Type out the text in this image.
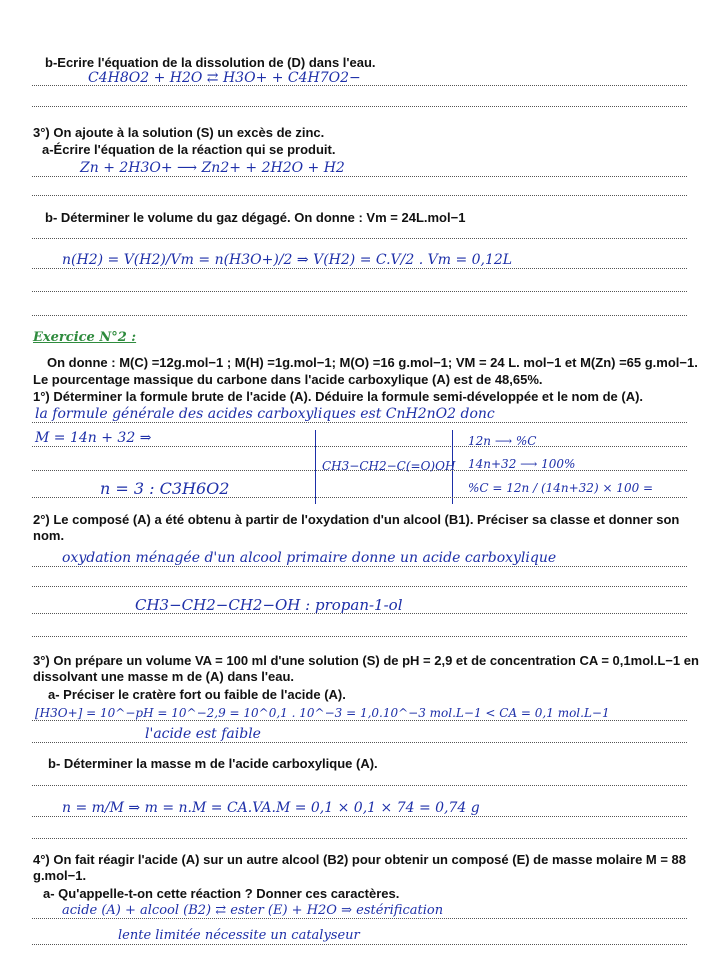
b-Ecrire l'équation de la dissolution de (D) dans l'eau.
C4H8O2 + H2O ⇄ H3O+ + C4H7O2−
3°) On ajoute à la solution (S) un excès de zinc.
a-Écrire l'équation de la réaction qui se produit.
Zn + 2H3O+ ⟶ Zn2+ + 2H2O + H2
b- Déterminer le volume du gaz dégagé. On donne : Vm = 24L.mol−1
n(H2) = V(H2)/Vm = n(H3O+)/2 ⇒ V(H2) = C.V/2 . Vm = 0,12L
Exercice N°2 :
On donne : M(C) =12g.mol−1 ; M(H) =1g.mol−1; M(O) =16 g.mol−1; VM = 24 L. mol−1 et M(Zn) =65 g.mol−1.
Le pourcentage massique du carbone dans l'acide carboxylique (A) est de 48,65%.
1°) Déterminer la formule brute de l'acide (A). Déduire la formule semi-développée et le nom de (A).
la formule générale des acides carboxyliques est CnH2nO2 donc
M = 14n + 32 ⇒
CH3−CH2−C(=O)OH
12n ⟶ %C
14n+32 ⟶ 100%
%C = 12n / (14n+32) × 100 =
n = 3 : C3H6O2
2°) Le composé (A) a été obtenu à partir de l'oxydation d'un alcool (B1). Préciser sa classe et donner son nom.
oxydation ménagée d'un alcool primaire donne un acide carboxylique
CH3−CH2−CH2−OH : propan-1-ol
3°) On prépare un volume VA = 100 ml d'une solution (S) de pH = 2,9 et de concentration CA = 0,1mol.L−1 en dissolvant une masse m de (A) dans l'eau.
a- Préciser le cratère fort ou faible de l'acide (A).
[H3O+] = 10^−pH = 10^−2,9 = 10^0,1 . 10^−3 = 1,0.10^−3 mol.L−1 < CA = 0,1 mol.L−1
l'acide est faible
b- Déterminer la masse m de l'acide carboxylique (A).
n = m/M ⇒ m = n.M = CA.VA.M = 0,1 × 0,1 × 74 = 0,74 g
4°) On fait réagir l'acide (A) sur un autre alcool (B2) pour obtenir un composé (E) de masse molaire M = 88 g.mol−1.
a- Qu'appelle-t-on cette réaction ? Donner ces caractères.
acide (A) + alcool (B2) ⇄ ester (E) + H2O ⇒ estérification
lente limitée nécessite un catalyseur
